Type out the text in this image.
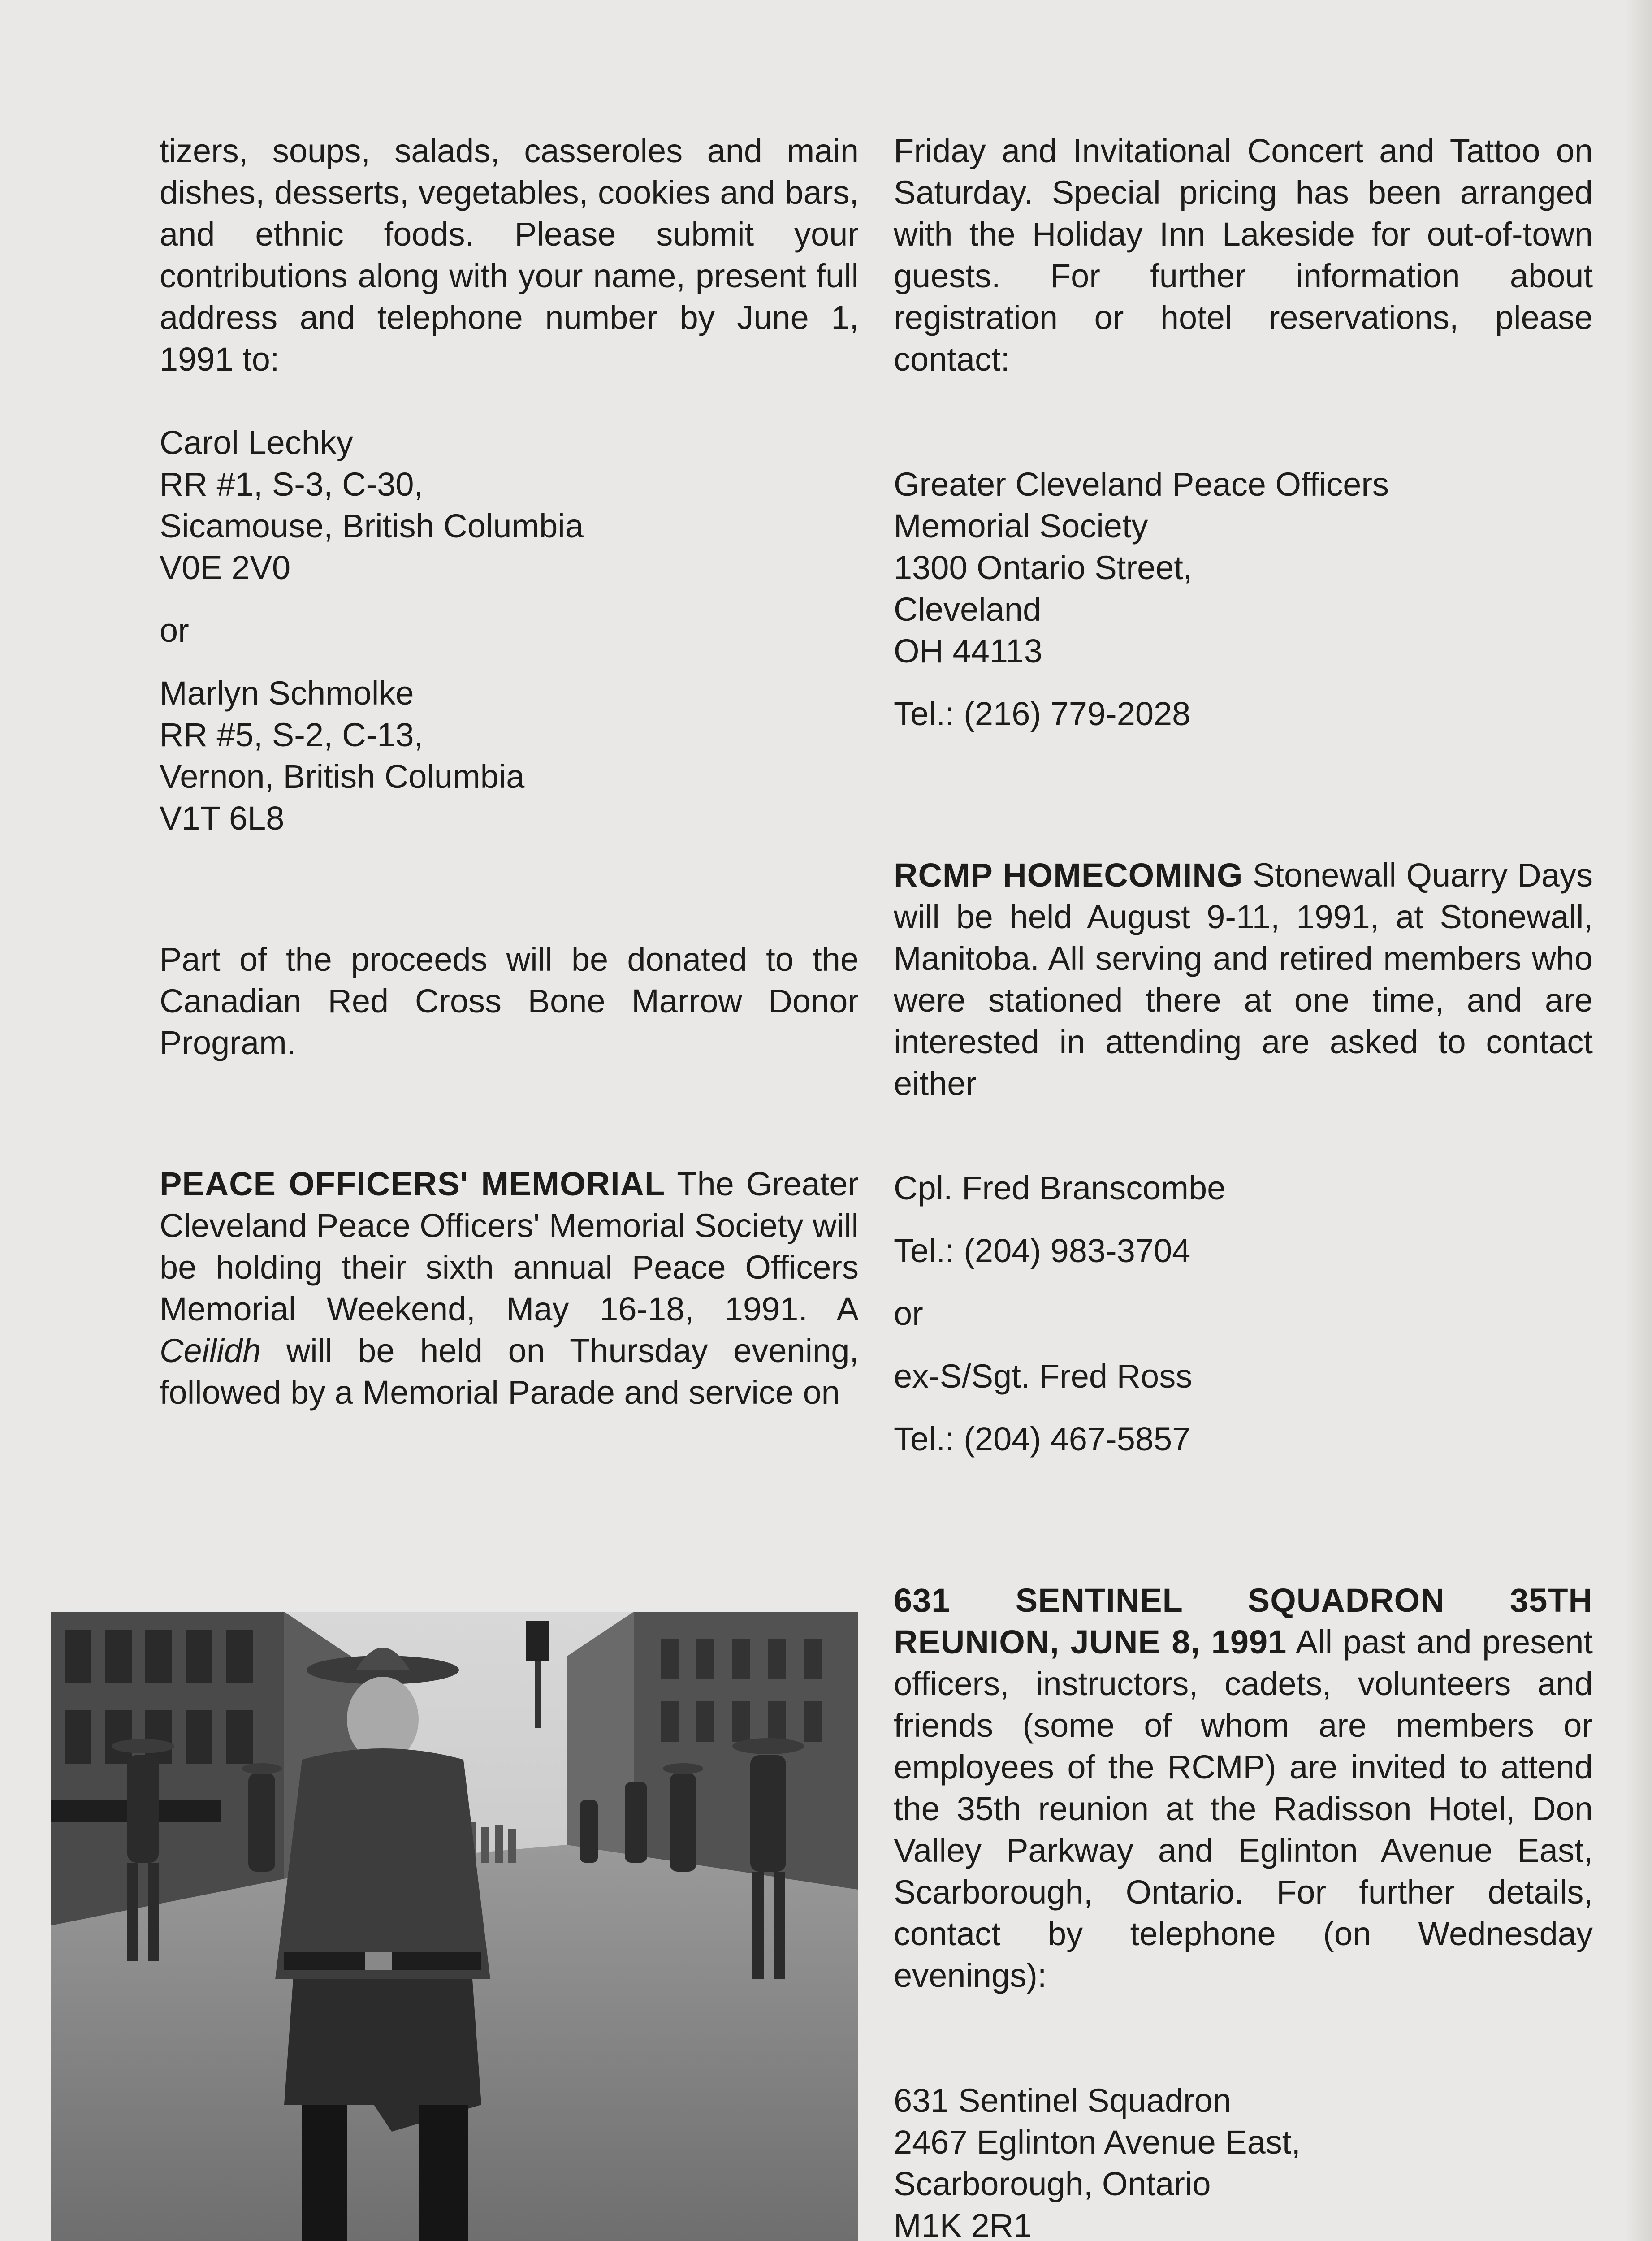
tizers, soups, salads, casseroles and main dishes, desserts, vegetables, cookies and bars, and ethnic foods. Please submit your contributions along with your name, present full address and telephone number by June 1, 1991 to:

Carol Lechky
RR #1, S-3, C-30,
Sicamouse, British Columbia
V0E 2V0
or
Marlyn Schmolke
RR #5, S-2, C-13,
Vernon, British Columbia
V1T 6L8

Part of the proceeds will be donated to the Canadian Red Cross Bone Marrow Donor Program.

PEACE OFFICERS' MEMORIAL The Greater Cleveland Peace Officers' Memorial Society will be holding their sixth annual Peace Officers Memorial Weekend, May 16-18, 1991. A Ceilidh will be held on Thursday evening, followed by a Memorial Parade and service on

Friday and Invitational Concert and Tattoo on Saturday. Special pricing has been arranged with the Holiday Inn Lakeside for out-of-town guests. For further information about registration or hotel reservations, please contact:

Greater Cleveland Peace Officers
Memorial Society
1300 Ontario Street,
Cleveland
OH 44113
Tel.: (216) 779-2028

RCMP HOMECOMING Stonewall Quarry Days will be held August 9-11, 1991, at Stonewall, Manitoba. All serving and retired members who were stationed there at one time, and are interested in attending are asked to contact either

Cpl. Fred Branscombe
Tel.: (204) 983-3704
or
ex-S/Sgt. Fred Ross
Tel.: (204) 467-5857

631 SENTINEL SQUADRON 35TH REUNION, JUNE 8, 1991 All past and present officers, instructors, cadets, volunteers and friends (some of whom are members or employees of the RCMP) are invited to attend the 35th reunion at the Radisson Hotel, Don Valley Parkway and Eglinton Avenue East, Scarborough, Ontario. For further details, contact by telephone (on Wednesday evenings):

631 Sentinel Squadron
2467 Eglinton Avenue East,
Scarborough, Ontario
M1K 2R1
